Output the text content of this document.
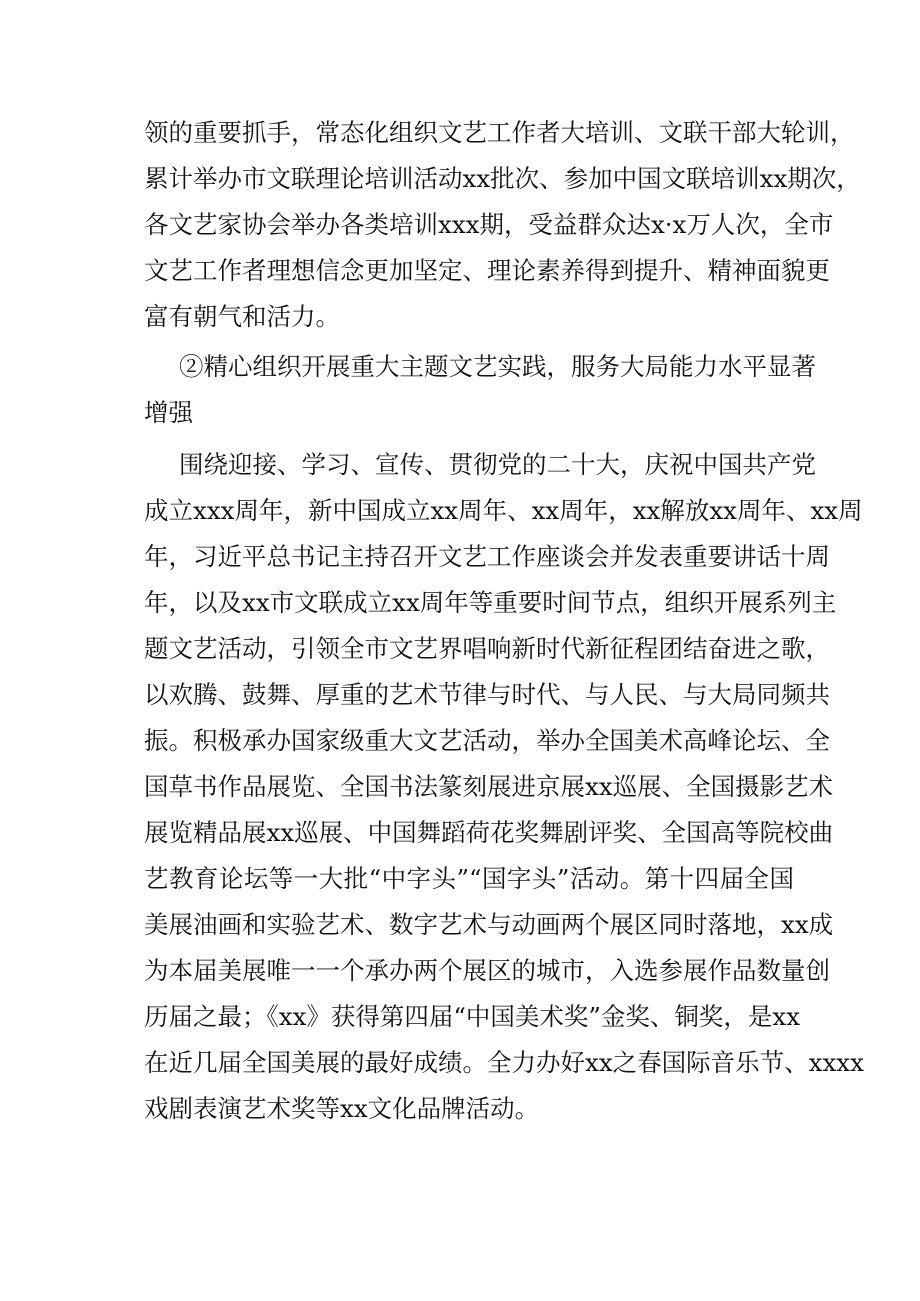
领的重要抓手，常态化组织文艺工作者大培训、文联干部大轮训，
累计举办市文联理论培训活动xx批次、参加中国文联培训xx期次，
各文艺家协会举办各类培训xxx期，受益群众达x·x万人次，全市
文艺工作者理想信念更加坚定、理论素养得到提升、精神面貌更
富有朝气和活力。
②精心组织开展重大主题文艺实践，服务大局能力水平显著
增强
围绕迎接、学习、宣传、贯彻党的二十大，庆祝中国共产党
成立xxx周年，新中国成立xx周年、xx周年，xx解放xx周年、xx周
年，习近平总书记主持召开文艺工作座谈会并发表重要讲话十周
年，以及xx市文联成立xx周年等重要时间节点，组织开展系列主
题文艺活动，引领全市文艺界唱响新时代新征程团结奋进之歌，
以欢腾、鼓舞、厚重的艺术节律与时代、与人民、与大局同频共
振。积极承办国家级重大文艺活动，举办全国美术高峰论坛、全
国草书作品展览、全国书法篆刻展进京展xx巡展、全国摄影艺术
展览精品展xx巡展、中国舞蹈荷花奖舞剧评奖、全国高等院校曲
艺教育论坛等一大批“中字头”“国字头”活动。第十四届全国
美展油画和实验艺术、数字艺术与动画两个展区同时落地，xx成
为本届美展唯一一个承办两个展区的城市，入选参展作品数量创
历届之最；《xx》获得第四届“中国美术奖”金奖、铜奖，是xx
在近几届全国美展的最好成绩。全力办好xx之春国际音乐节、xxxx
戏剧表演艺术奖等xx文化品牌活动。
